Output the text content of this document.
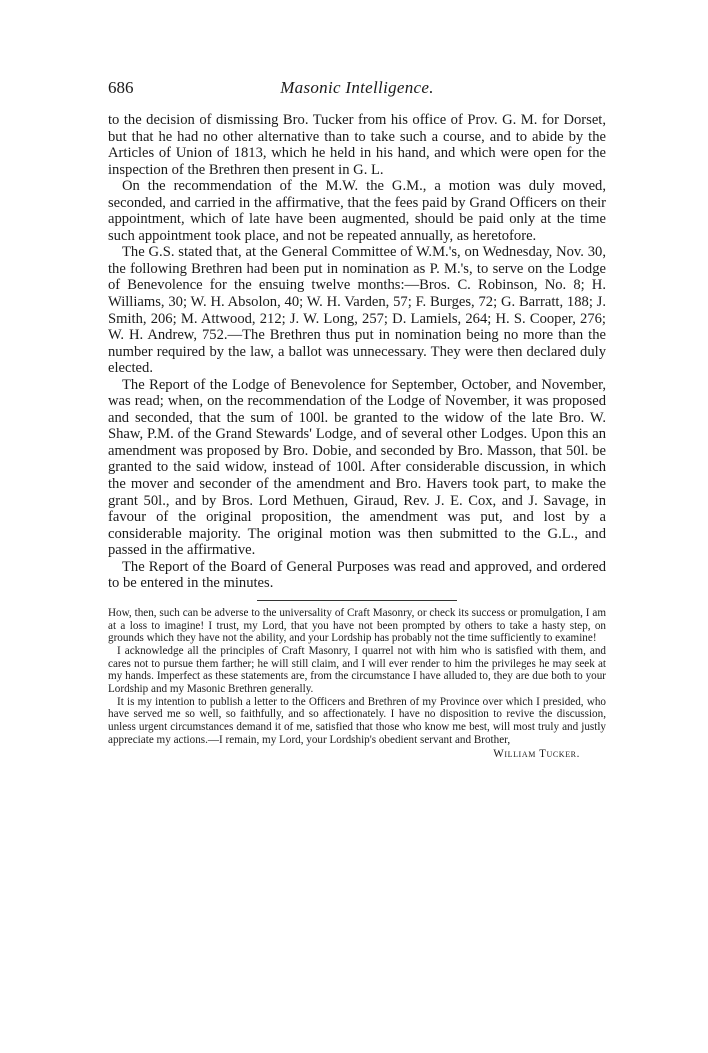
686	Masonic Intelligence.

to the decision of dismissing Bro. Tucker from his office of Prov. G. M. for Dorset, but that he had no other alternative than to take such a course, and to abide by the Articles of Union of 1813, which he held in his hand, and which were open for the inspection of the Brethren then present in G. L.

On the recommendation of the M.W. the G.M., a motion was duly moved, seconded, and carried in the affirmative, that the fees paid by Grand Officers on their appointment, which of late have been augmented, should be paid only at the time such appointment took place, and not be repeated annually, as heretofore.

The G.S. stated that, at the General Committee of W.M.'s, on Wednesday, Nov. 30, the following Brethren had been put in nomination as P. M.'s, to serve on the Lodge of Benevolence for the ensuing twelve months:—Bros. C. Robinson, No. 8; H. Williams, 30; W. H. Absolon, 40; W. H. Varden, 57; F. Burges, 72; G. Barratt, 188; J. Smith, 206; M. Attwood, 212; J. W. Long, 257; D. Lamiels, 264; H. S. Cooper, 276; W. H. Andrew, 752.—The Brethren thus put in nomination being no more than the number required by the law, a ballot was unnecessary. They were then declared duly elected.

The Report of the Lodge of Benevolence for September, October, and November, was read; when, on the recommendation of the Lodge of November, it was proposed and seconded, that the sum of 100l. be granted to the widow of the late Bro. W. Shaw, P.M. of the Grand Stewards' Lodge, and of several other Lodges. Upon this an amendment was proposed by Bro. Dobie, and seconded by Bro. Masson, that 50l. be granted to the said widow, instead of 100l. After considerable discussion, in which the mover and seconder of the amendment and Bro. Havers took part, to make the grant 50l., and by Bros. Lord Methuen, Giraud, Rev. J. E. Cox, and J. Savage, in favour of the original proposition, the amendment was put, and lost by a considerable majority. The original motion was then submitted to the G.L., and passed in the affirmative.

The Report of the Board of General Purposes was read and approved, and ordered to be entered in the minutes.

How, then, such can be adverse to the universality of Craft Masonry, or check its success or promulgation, I am at a loss to imagine! I trust, my Lord, that you have not been prompted by others to take a hasty step, on grounds which they have not the ability, and your Lordship has probably not the time sufficiently to examine!

I acknowledge all the principles of Craft Masonry, I quarrel not with him who is satisfied with them, and cares not to pursue them farther; he will still claim, and I will ever render to him the privileges he may seek at my hands. Imperfect as these statements are, from the circumstance I have alluded to, they are due both to your Lordship and my Masonic Brethren generally.

It is my intention to publish a letter to the Officers and Brethren of my Province over which I presided, who have served me so well, so faithfully, and so affectionately. I have no disposition to revive the discussion, unless urgent circumstances demand it of me, satisfied that those who know me best, will most truly and justly appreciate my actions.—I remain, my Lord, your Lordship's obedient servant and Brother,

William Tucker.
